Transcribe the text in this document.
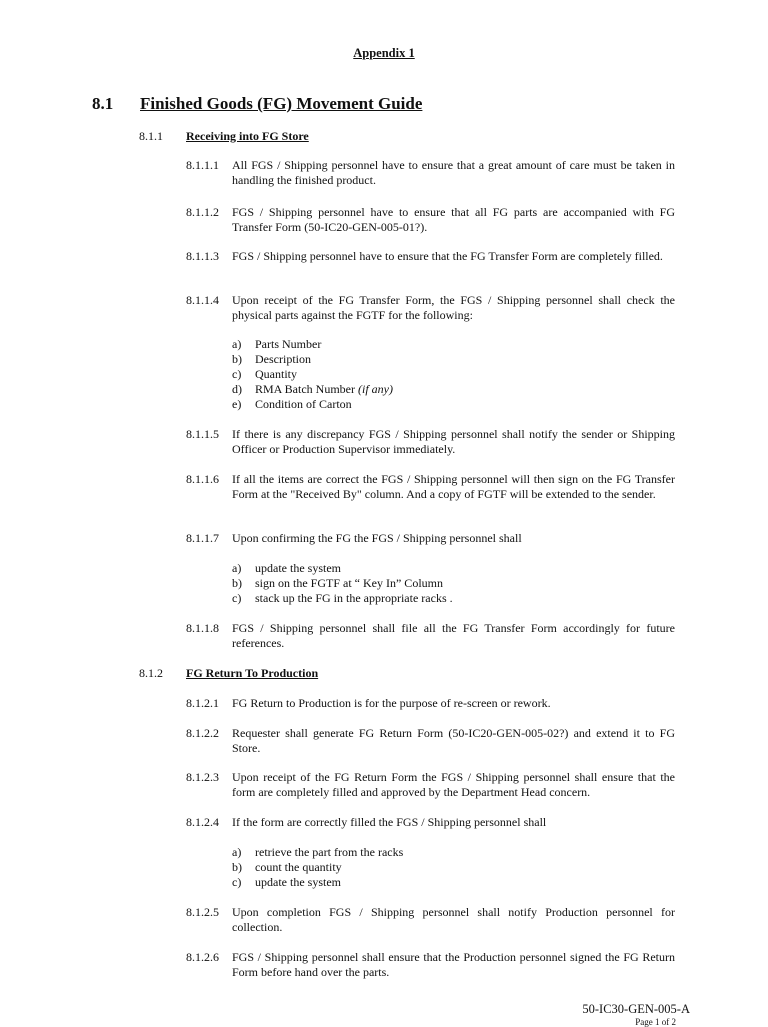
Appendix 1
8.1 Finished Goods (FG) Movement Guide
8.1.1 Receiving into FG Store
8.1.1.1 All FGS / Shipping personnel have to ensure that a great amount of care must be taken in handling the finished product.
8.1.1.2 FGS / Shipping personnel have to ensure that all FG parts are accompanied with FG Transfer Form (50-IC20-GEN-005-01?).
8.1.1.3 FGS / Shipping personnel have to ensure that the FG Transfer Form are completely filled.
8.1.1.4 Upon receipt of the FG Transfer Form, the FGS / Shipping personnel shall check the physical parts against the FGTF for the following:
a) Parts Number
b) Description
c) Quantity
d) RMA Batch Number (if any)
e) Condition of Carton
8.1.1.5 If there is any discrepancy FGS / Shipping personnel shall notify the sender or Shipping Officer or Production Supervisor immediately.
8.1.1.6 If all the items are correct the FGS / Shipping personnel will then sign on the FG Transfer Form at the "Received By" column. And a copy of FGTF will be extended to the sender.
8.1.1.7 Upon confirming the FG the FGS / Shipping personnel shall
a) update the system
b) sign on the FGTF at “ Key In” Column
c) stack up the FG in the appropriate racks .
8.1.1.8 FGS / Shipping personnel shall file all the FG Transfer Form accordingly for future references.
8.1.2 FG Return To Production
8.1.2.1 FG Return to Production is for the purpose of re-screen or rework.
8.1.2.2 Requester shall generate FG Return Form (50-IC20-GEN-005-02?) and extend it to FG Store.
8.1.2.3 Upon receipt of the FG Return Form the FGS / Shipping personnel shall ensure that the form are completely filled and approved by the Department Head concern.
8.1.2.4 If the form are correctly filled the FGS / Shipping personnel shall
a) retrieve the part from the racks
b) count the quantity
c) update the system
8.1.2.5 Upon completion FGS / Shipping personnel shall notify Production personnel for collection.
8.1.2.6 FGS / Shipping personnel shall ensure that the Production personnel signed the FG Return Form before hand over the parts.
50-IC30-GEN-005-A
Page 1 of 2
